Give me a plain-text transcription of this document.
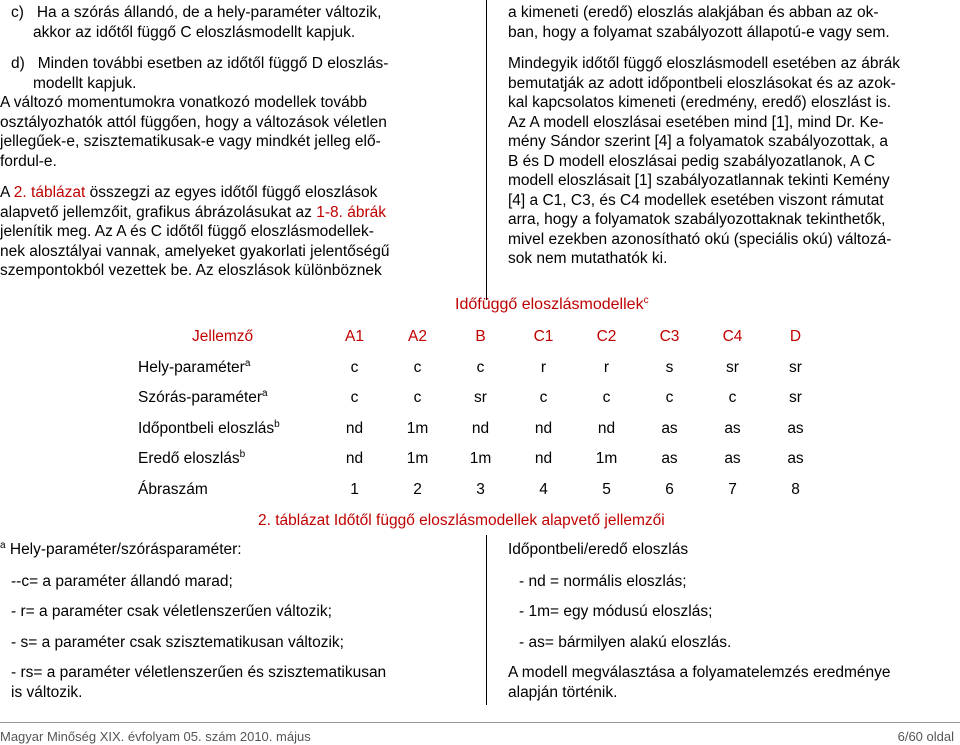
c)   Ha a szórás állandó, de a hely-paraméter változik,
akkor az időtől függő C eloszlásmodellt kapjuk.
d)   Minden további esetben az időtől függő D eloszlás-
modellt kapjuk.
A változó momentumokra vonatkozó modellek tovább
osztályozhatók attól függően, hogy a változások véletlen
jellegűek-e, szisztematikusak-e vagy mindkét jelleg elő-
fordul-e.
A 2. táblázat összegzi az egyes időtől függő eloszlások
alapvető jellemzőit, grafikus ábrázolásukat az 1-8. ábrák
jelenítik meg. Az A és C időtől függő eloszlásmodellek-
nek alosztályai vannak, amelyeket gyakorlati jelentőségű
szempontokból vezettek be. Az eloszlások különböznek
a kimeneti (eredő) eloszlás alakjában és abban az ok-
ban, hogy a folyamat szabályozott állapotú-e vagy sem.
Mindegyik időtől függő eloszlásmodell esetében az ábrák
bemutatják az adott időpontbeli eloszlásokat és az azok-
kal kapcsolatos kimeneti (eredmény, eredő) eloszlást is.
Az A modell eloszlásai esetében mind [1], mind Dr. Ke-
mény Sándor szerint [4] a folyamatok szabályozottak, a
B és D modell eloszlásai pedig szabályozatlanok, A C
modell eloszlásait [1] szabályozatlannak tekinti Kemény
[4] a C1, C3, és C4 modellek esetében viszont rámutat
arra, hogy a folyamatok szabályozottaknak tekinthetők,
mivel ezekben azonosítható okú (speciális okú) változá-
sok nem mutathatók ki.
Időfüggő eloszlásmodellek$^c$
Jellemző	A1	A2	B	C1	C2	C3	C4	D
Hely-paraméter$^a$	c	c	c	r	r	s	sr	sr
Szórás-paraméter$^a$	c	c	sr	c	c	c	c	sr
Időpontbeli eloszlás$^b$	nd	1m	nd	nd	nd	as	as	as
Eredő eloszlás$^b$	nd	1m	1m	nd	1m	as	as	as
Ábraszám	1	2	3	4	5	6	7	8
2. táblázat Időtől függő eloszlásmodellek alapvető jellemzői
$^a$ Hely-paraméter/szórásparaméter:
--c= a paraméter állandó marad;
- r= a paraméter csak véletlenszerűen változik;
- s= a paraméter csak szisztematikusan változik;
- rs= a paraméter véletlenszerűen és szisztematikusan
is változik.
Időpontbeli/eredő eloszlás
- nd = normális eloszlás;
- 1m= egy módusú eloszlás;
- as= bármilyen alakú eloszlás.
A modell megválasztása a folyamatelemzés eredménye
alapján történik.
Magyar Minőség XIX. évfolyam 05. szám 2010. május	6/60 oldal
